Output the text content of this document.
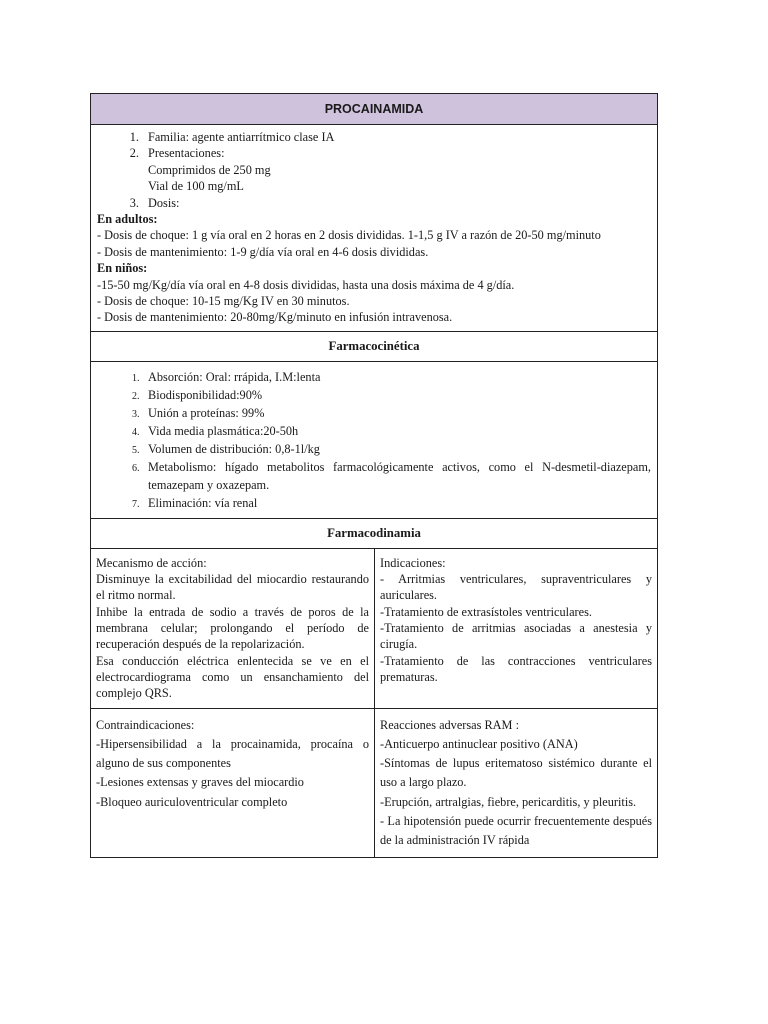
PROCAINAMIDA
1. Familia: agente antiarrítmico clase IA
2. Presentaciones:
Comprimidos de 250 mg
Vial de 100 mg/mL
3. Dosis:
En adultos:
- Dosis de choque: 1 g vía oral en 2 horas en 2 dosis divididas. 1-1,5 g IV a razón de 20-50 mg/minuto
- Dosis de mantenimiento: 1-9 g/día vía oral en 4-6 dosis divididas.
En niños:
-15-50 mg/Kg/día vía oral en 4-8 dosis divididas, hasta una dosis máxima de 4 g/día.
- Dosis de choque: 10-15 mg/Kg IV en 30 minutos.
- Dosis de mantenimiento: 20-80mg/Kg/minuto en infusión intravenosa.
Farmacocinética
1. Absorción: Oral: rrápida, I.M:lenta
2. Biodisponibilidad:90%
3. Unión a proteínas: 99%
4. Vida media plasmática:20-50h
5. Volumen de distribución: 0,8-1l/kg
6. Metabolismo: hígado metabolitos farmacológicamente activos, como el N-desmetil-diazepam, temazepam y oxazepam.
7. Eliminación: vía renal
Farmacodinamia

Mecanismo de acción:

Disminuye la excitabilidad del miocardio restaurando el ritmo normal.

Inhibe la entrada de sodio a través de poros de la membrana celular; prolongando el período de recuperación después de la repolarización.

Esa conducción eléctrica enlentecida se ve en el electrocardiograma como un ensanchamiento del complejo QRS.

Indicaciones:

- Arritmias ventriculares, supraventriculares y auriculares.

-Tratamiento de extrasístoles ventriculares.

-Tratamiento de arritmias asociadas a anestesia y cirugía.

-Tratamiento de las contracciones ventriculares prematuras.

Contraindicaciones:

-Hipersensibilidad a la procainamida, procaína o alguno de sus componentes

-Lesiones extensas y graves del miocardio

-Bloqueo auriculoventricular completo

Reacciones adversas RAM :

-Anticuerpo antinuclear positivo (ANA)

-Síntomas de lupus eritematoso sistémico durante el uso a largo plazo.

-Erupción, artralgias, fiebre, pericarditis, y pleuritis.

- La hipotensión puede ocurrir frecuentemente después de la administración IV rápida
